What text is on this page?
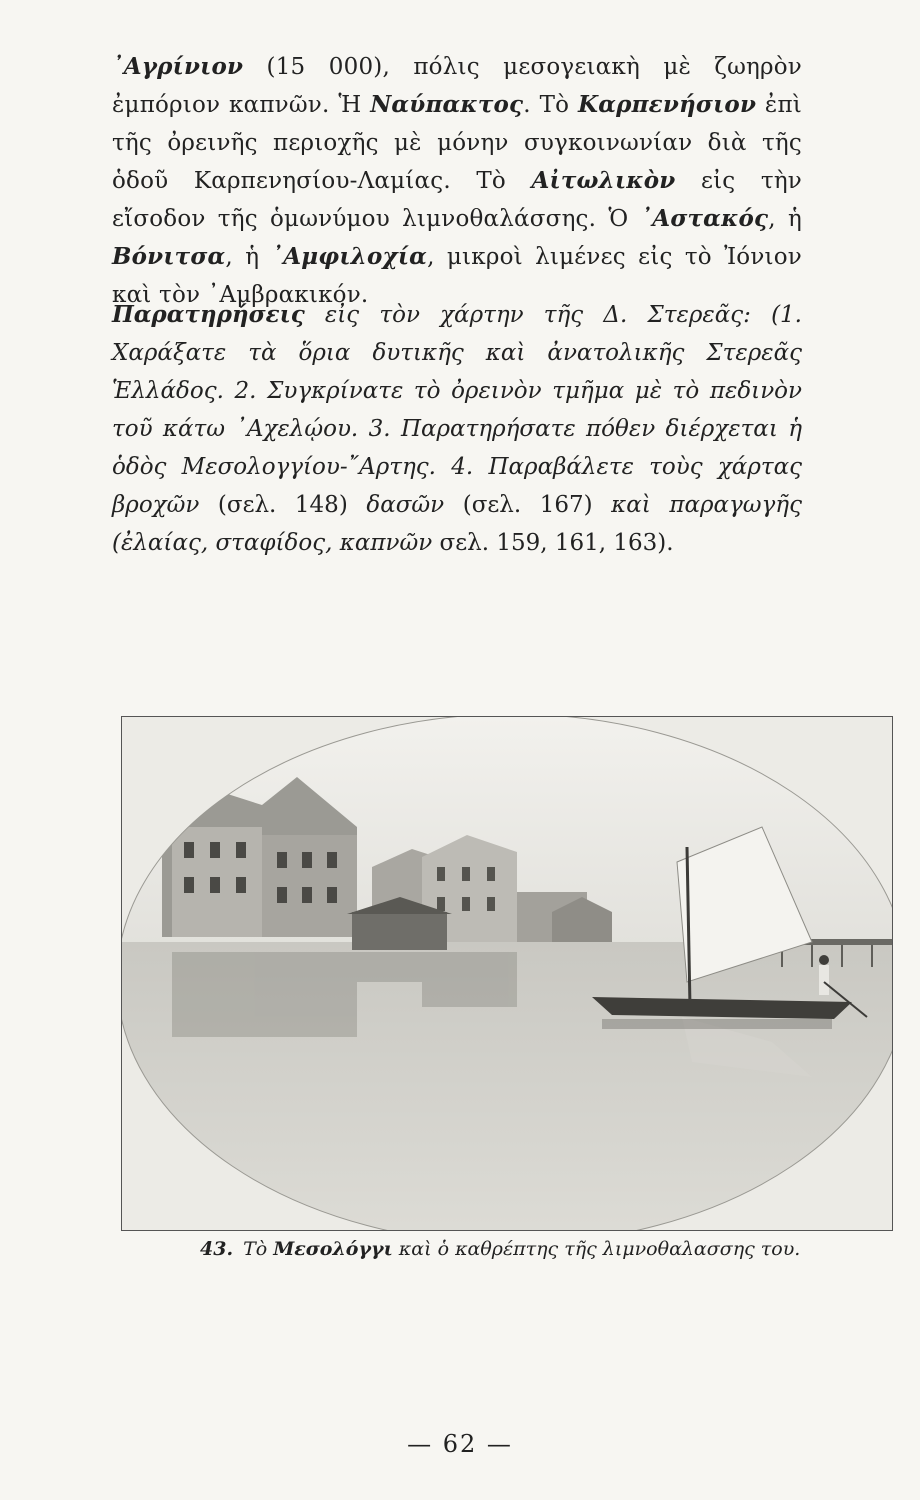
᾿Αγρίνιον (15 000), πόλις μεσογειακὴ μὲ ζωηρὸν ἐμπόριον καπνῶν. Ἡ Ναύπακτος. Τὸ Καρπενήσιον ἐπὶ τῆς ὀρεινῆς περιοχῆς μὲ μόνην συγκοινωνίαν διὰ τῆς ὁδοῦ Καρπενησίου-Λαμίας. Τὸ Αἰτωλικὸν εἰς τὴν εἴσοδον τῆς ὁμωνύμου λιμνοθαλάσσης. Ὁ ᾿Αστακός, ἡ Βόνιτσα, ἡ ᾿Αμφιλοχία, μικροὶ λιμένες εἰς τὸ Ἰόνιον καὶ τὸν ᾿Αμβρακικόν.
Παρατηρήσεις εἰς τὸν χάρτην τῆς Δ. Στερεᾶς: (1. Χαράξατε τὰ ὅρια δυτικῆς καὶ ἀνατολικῆς Στερεᾶς Ἑλλάδος. 2. Συγκρίνατε τὸ ὀρεινὸν τμῆμα μὲ τὸ πεδινὸν τοῦ κάτω ᾿Αχελῴου. 3. Παρατηρήσατε πόθεν διέρχεται ἡ ὁδὸς Μεσολογγίου-῎Αρτης. 4. Παραβάλετε τοὺς χάρτας βροχῶν (σελ. 148) δασῶν (σελ. 167) καὶ παραγωγῆς (ἐλαίας, σταφίδος, καπνῶν σελ. 159, 161, 163).
43. Τὸ Μεσολόγγι καὶ ὁ καθρέπτης τῆς λιμνοθαλασσης του.
— 62 —
